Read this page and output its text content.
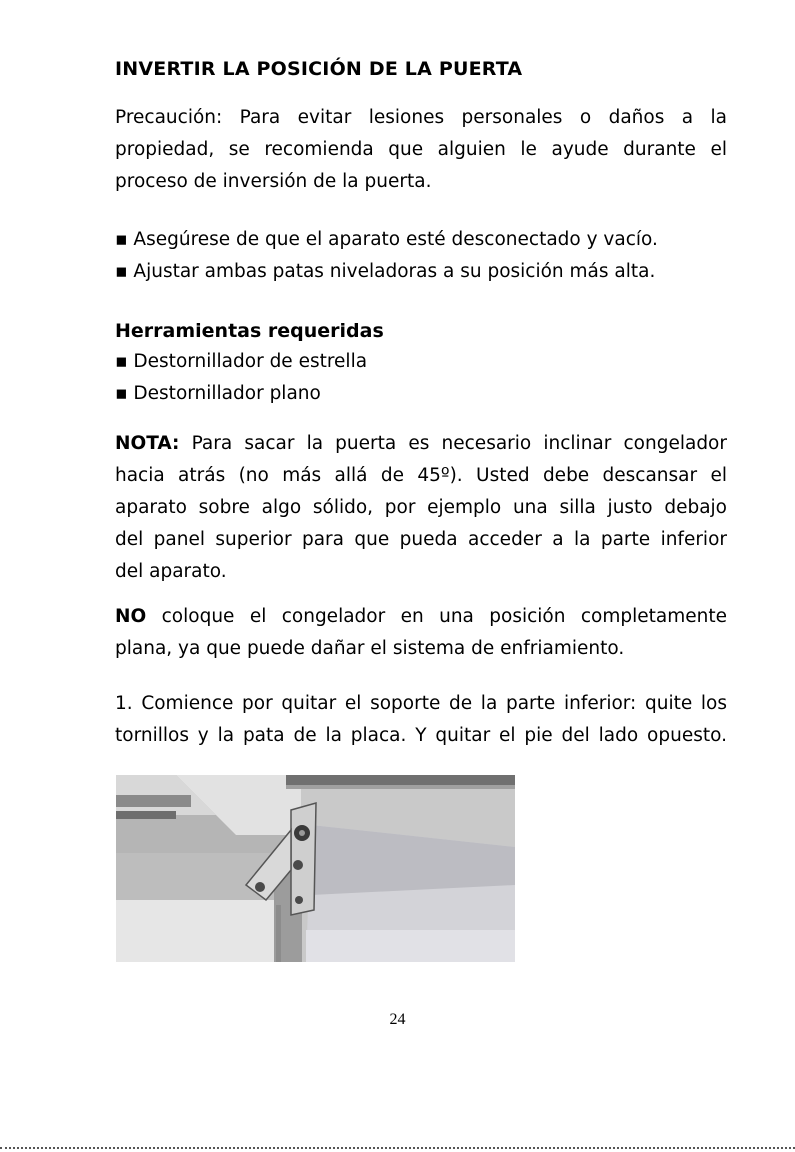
INVERTIR LA POSICIÓN DE LA PUERTA
Precaución: Para evitar lesiones personales o daños a la
propiedad, se recomienda que alguien le ayude durante el
proceso de inversión de la puerta.
▪ Asegúrese de que el aparato esté desconectado y vacío.
▪ Ajustar ambas patas niveladoras a su posición más alta.
Herramientas requeridas
▪ Destornillador de estrella
▪ Destornillador plano
NOTA: Para sacar la puerta es necesario inclinar congelador
hacia atrás (no más allá de 45º). Usted debe descansar el
aparato sobre algo sólido, por ejemplo una silla justo debajo
del panel superior para que pueda acceder a la parte inferior
del aparato.
NO coloque el congelador en una posición completamente
plana, ya que puede dañar el sistema de enfriamiento.
1. Comience por quitar el soporte de la parte inferior: quite los
tornillos y la pata de la placa. Y quitar el pie del lado opuesto.
24
